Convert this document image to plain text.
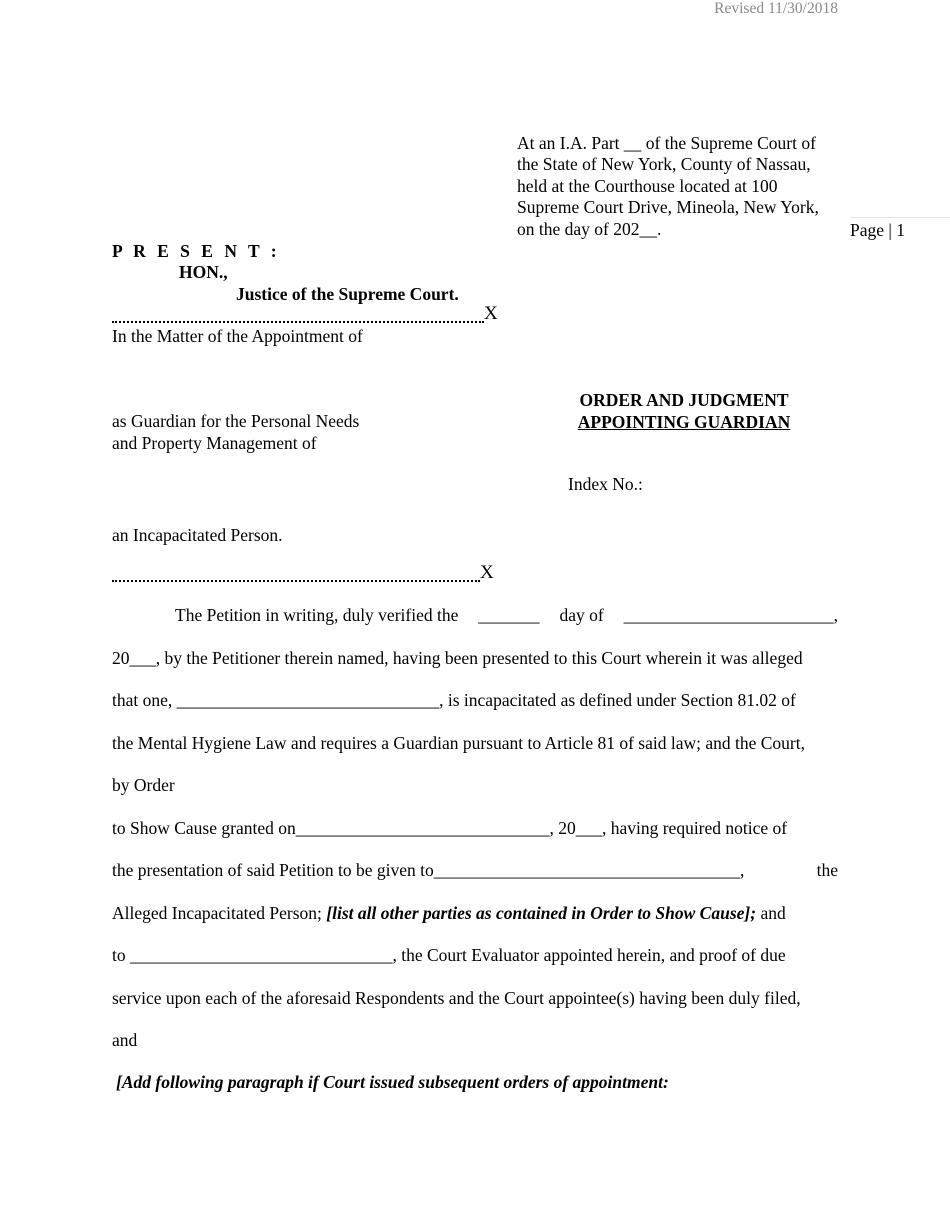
Revised 11/30/2018
Page | 1
At an I.A. Part __ of the Supreme Court of
the State of New York, County of Nassau,
held at the Courthouse located at 100
Supreme Court Drive, Mineola, New York,
on the day of 202__.
P R E S E N T :
HON.,
Justice of the Supreme Court.
X
In the Matter of the Appointment of
as Guardian for the Personal Needs
and Property Management of
an Incapacitated Person.
X
ORDER AND JUDGMENT
APPOINTING GUARDIAN
Index No.:
The Petition in writing, duly verified the _______ day of ________________________,
20___, by the Petitioner therein named, having been presented to this Court wherein it was alleged
that one, ______________________________, is incapacitated as defined under Section 81.02 of
the Mental Hygiene Law and requires a Guardian pursuant to Article 81 of said law; and the Court,
by Order
to Show Cause granted on_____________________________, 20___, having required notice of
the presentation of said Petition to be given to___________________________________,	the
Alleged Incapacitated Person; [list all other parties as contained in Order to Show Cause]; and
to ______________________________, the Court Evaluator appointed herein, and proof of due
service upon each of the aforesaid Respondents and the Court appointee(s) having been duly filed,
and
[Add following paragraph if Court issued subsequent orders of appointment:
